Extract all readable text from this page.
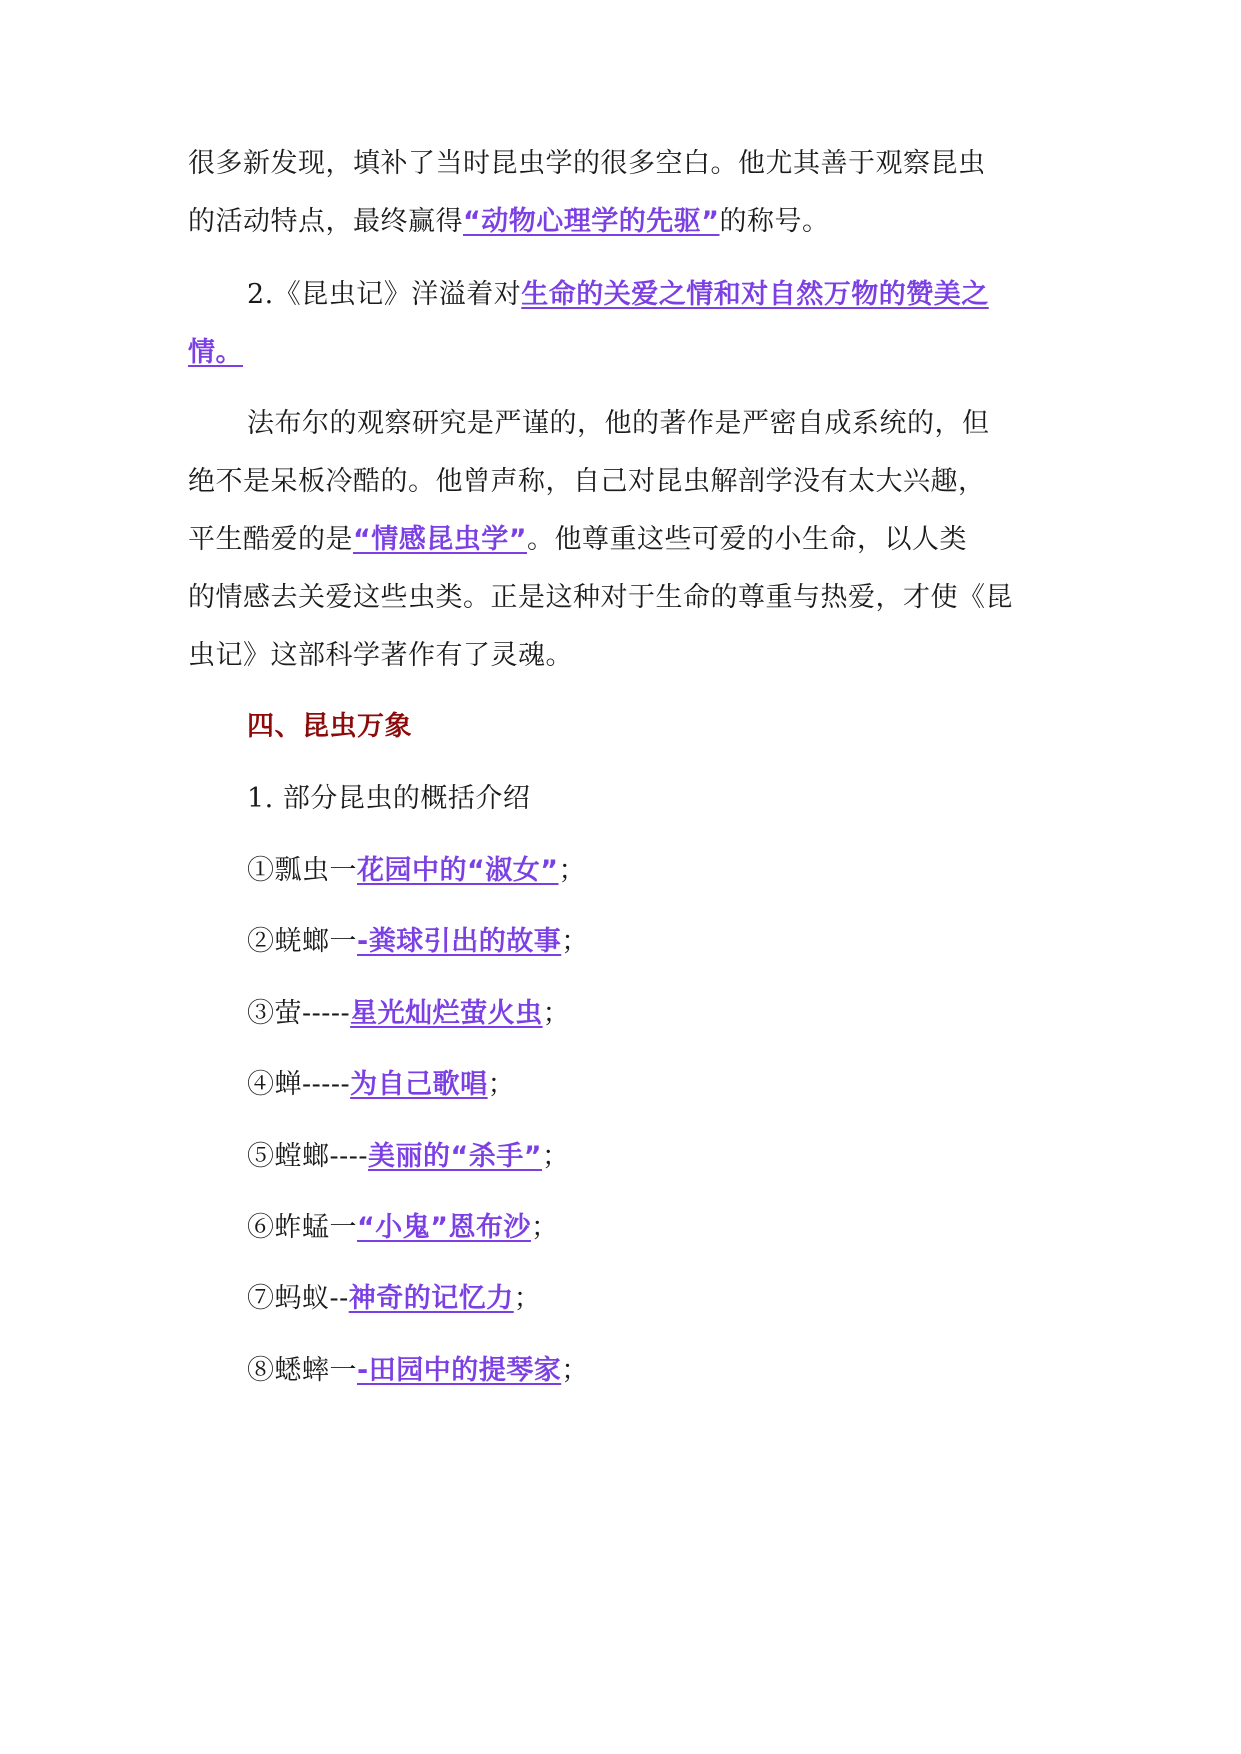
很多新发现，填补了当时昆虫学的很多空白。他尤其善于观察昆虫
的活动特点，最终赢得“动物心理学的先驱”的称号。
2.《昆虫记》洋溢着对生命的关爱之情和对自然万物的赞美之
情。
法布尔的观察研究是严谨的，他的著作是严密自成系统的，但
绝不是呆板冷酷的。他曾声称，自己对昆虫解剖学没有太大兴趣，
平生酷爱的是“情感昆虫学”。他尊重这些可爱的小生命，以人类
的情感去关爱这些虫类。正是这种对于生命的尊重与热爱，才使《昆
虫记》这部科学著作有了灵魂。
四、昆虫万象
1. 部分昆虫的概括介绍
①瓢虫一花园中的“淑女”；
②蜣螂一-粪球引出的故事；
③萤-----星光灿烂萤火虫；
④蝉-----为自己歌唱；
⑤螳螂----美丽的“杀手”；
⑥蚱蜢一“小鬼”恩布沙；
⑦蚂蚁--神奇的记忆力；
⑧蟋蟀一-田园中的提琴家；
